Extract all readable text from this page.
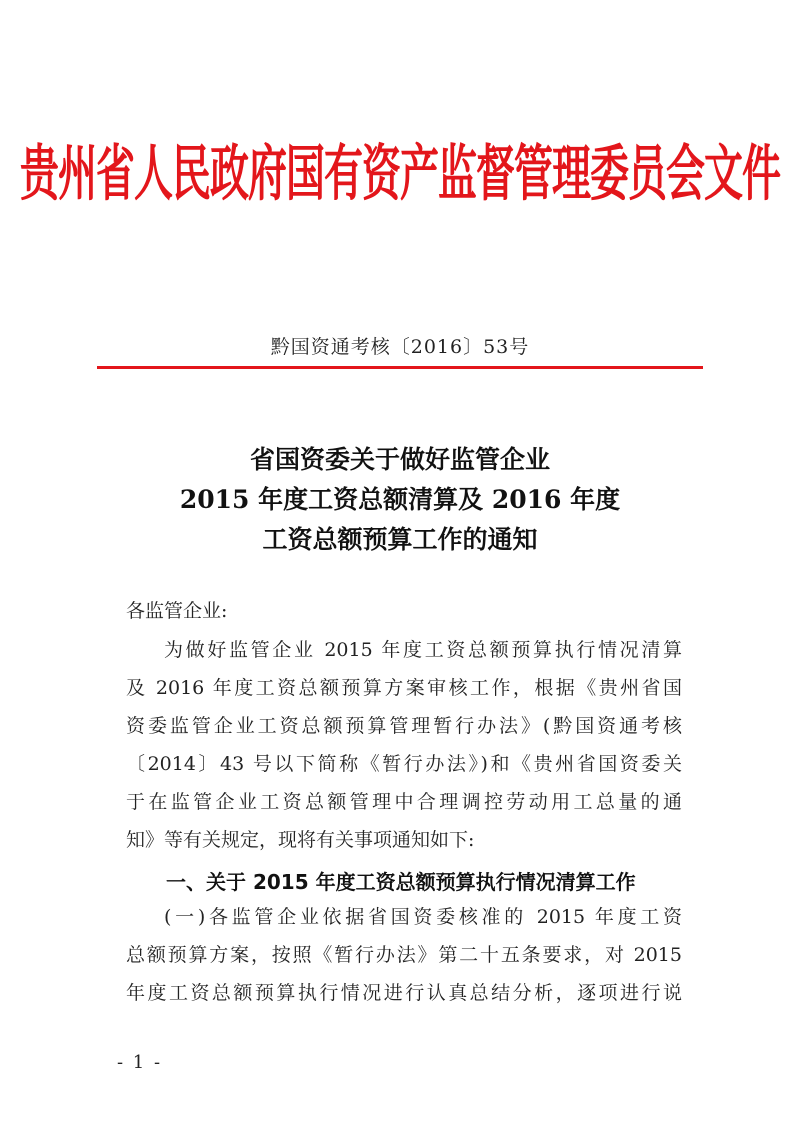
贵州省人民政府国有资产监督管理委员会文件
黔国资通考核〔2016〕53号
省国资委关于做好监管企业
2015 年度工资总额清算及 2016 年度
工资总额预算工作的通知
各监管企业:
为做好监管企业 2015 年度工资总额预算执行情况清算
及 2016 年度工资总额预算方案审核工作，根据《贵州省国
资委监管企业工资总额预算管理暂行办法》(黔国资通考核
〔2014〕43 号以下简称《暂行办法》)和《贵州省国资委关
于在监管企业工资总额管理中合理调控劳动用工总量的通
知》等有关规定，现将有关事项通知如下:
一、关于 2015 年度工资总额预算执行情况清算工作
(一)各监管企业依据省国资委核准的 2015 年度工资
总额预算方案，按照《暂行办法》第二十五条要求，对 2015
年度工资总额预算执行情况进行认真总结分析，逐项进行说
- 1 -
